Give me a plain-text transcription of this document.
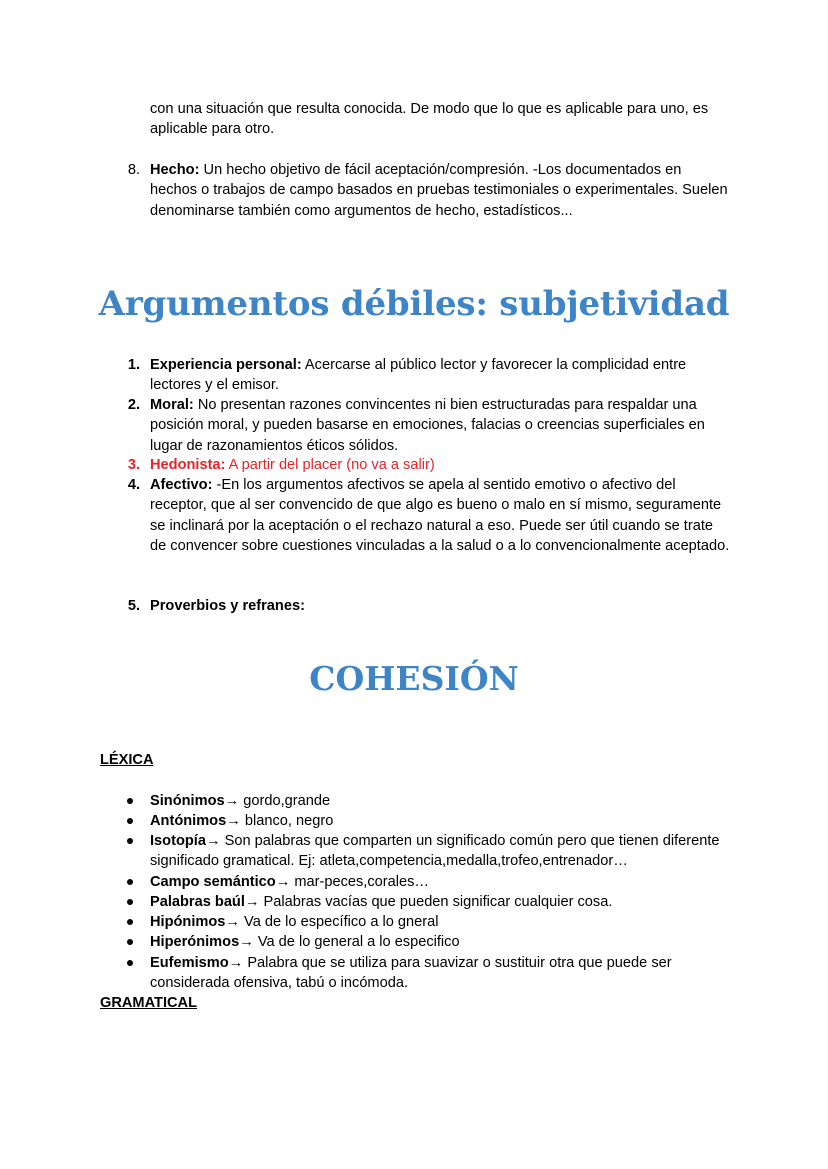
con una situación que resulta conocida. De modo que lo que es aplicable para uno, es aplicable para otro.

8. Hecho: Un hecho objetivo de fácil aceptación/compresión. -Los documentados en hechos o trabajos de campo basados en pruebas testimoniales o experimentales. Suelen denominarse también como argumentos de hecho, estadísticos...
Argumentos débiles: subjetividad
1. Experiencia personal: Acercarse al público lector y favorecer la complicidad entre lectores y el emisor.
2. Moral: No presentan razones convincentes ni bien estructuradas para respaldar una posición moral, y pueden basarse en emociones, falacias o creencias superficiales en lugar de razonamientos éticos sólidos.
3. Hedonista: A partir del placer (no va a salir)
4. Afectivo: -En los argumentos afectivos se apela al sentido emotivo o afectivo del receptor, que al ser convencido de que algo es bueno o malo en sí mismo, seguramente se inclinará por la aceptación o el rechazo natural a eso. Puede ser útil cuando se trate de convencer sobre cuestiones vinculadas a la salud o a lo convencionalmente aceptado.
5. Proverbios y refranes:
COHESIÓN

LÉXICA

Sinónimos→ gordo,grande
Antónimos→ blanco, negro
Isotopía→ Son palabras que comparten un significado común pero que tienen diferente significado gramatical. Ej: atleta,competencia,medalla,trofeo,entrenador…
Campo semántico→ mar-peces,corales…
Palabras baúl→ Palabras vacías que pueden significar cualquier cosa.
Hipónimos→ Va de lo específico a lo gneral
Hiperónimos→ Va de lo general a lo especifico
Eufemismo→ Palabra que se utiliza para suavizar o sustituir otra que puede ser considerada ofensiva, tabú o incómoda.

GRAMATICAL
